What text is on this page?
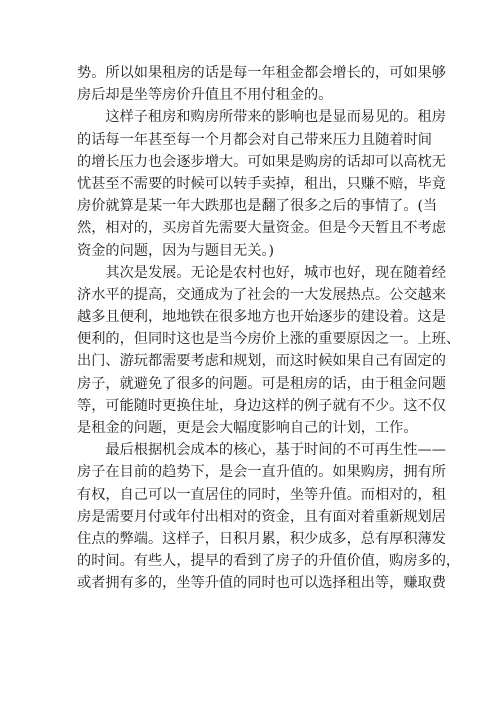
势。所以如果租房的话是每一年租金都会增长的，可如果够
房后却是坐等房价升值且不用付租金的。
　　这样子租房和购房所带来的影响也是显而易见的。租房
的话每一年甚至每一个月都会对自己带来压力且随着时间
的增长压力也会逐步增大。可如果是购房的话却可以高枕无
忧甚至不需要的时候可以转手卖掉，租出，只赚不赔，毕竟
房价就算是某一年大跌那也是翻了很多之后的事情了。(当
然，相对的，买房首先需要大量资金。但是今天暂且不考虑
资金的问题，因为与题目无关。)
　　其次是发展。无论是农村也好，城市也好，现在随着经
济水平的提高，交通成为了社会的一大发展热点。公交越来
越多且便利，地地铁在很多地方也开始逐步的建设着。这是
便利的，但同时这也是当今房价上涨的重要原因之一。上班、
出门、游玩都需要考虑和规划，而这时候如果自己有固定的
房子，就避免了很多的问题。可是租房的话，由于租金问题
等，可能随时更换住址，身边这样的例子就有不少。这不仅
是租金的问题，更是会大幅度影响自己的计划，工作。
　　最后根据机会成本的核心，基于时间的不可再生性——
房子在目前的趋势下，是会一直升值的。如果购房，拥有所
有权，自己可以一直居住的同时，坐等升值。而相对的，租
房是需要月付或年付出相对的资金，且有面对着重新规划居
住点的弊端。这样子，日积月累，积少成多，总有厚积薄发
的时间。有些人，提早的看到了房子的升值价值，购房多的，
或者拥有多的，坐等升值的同时也可以选择租出等，赚取费
